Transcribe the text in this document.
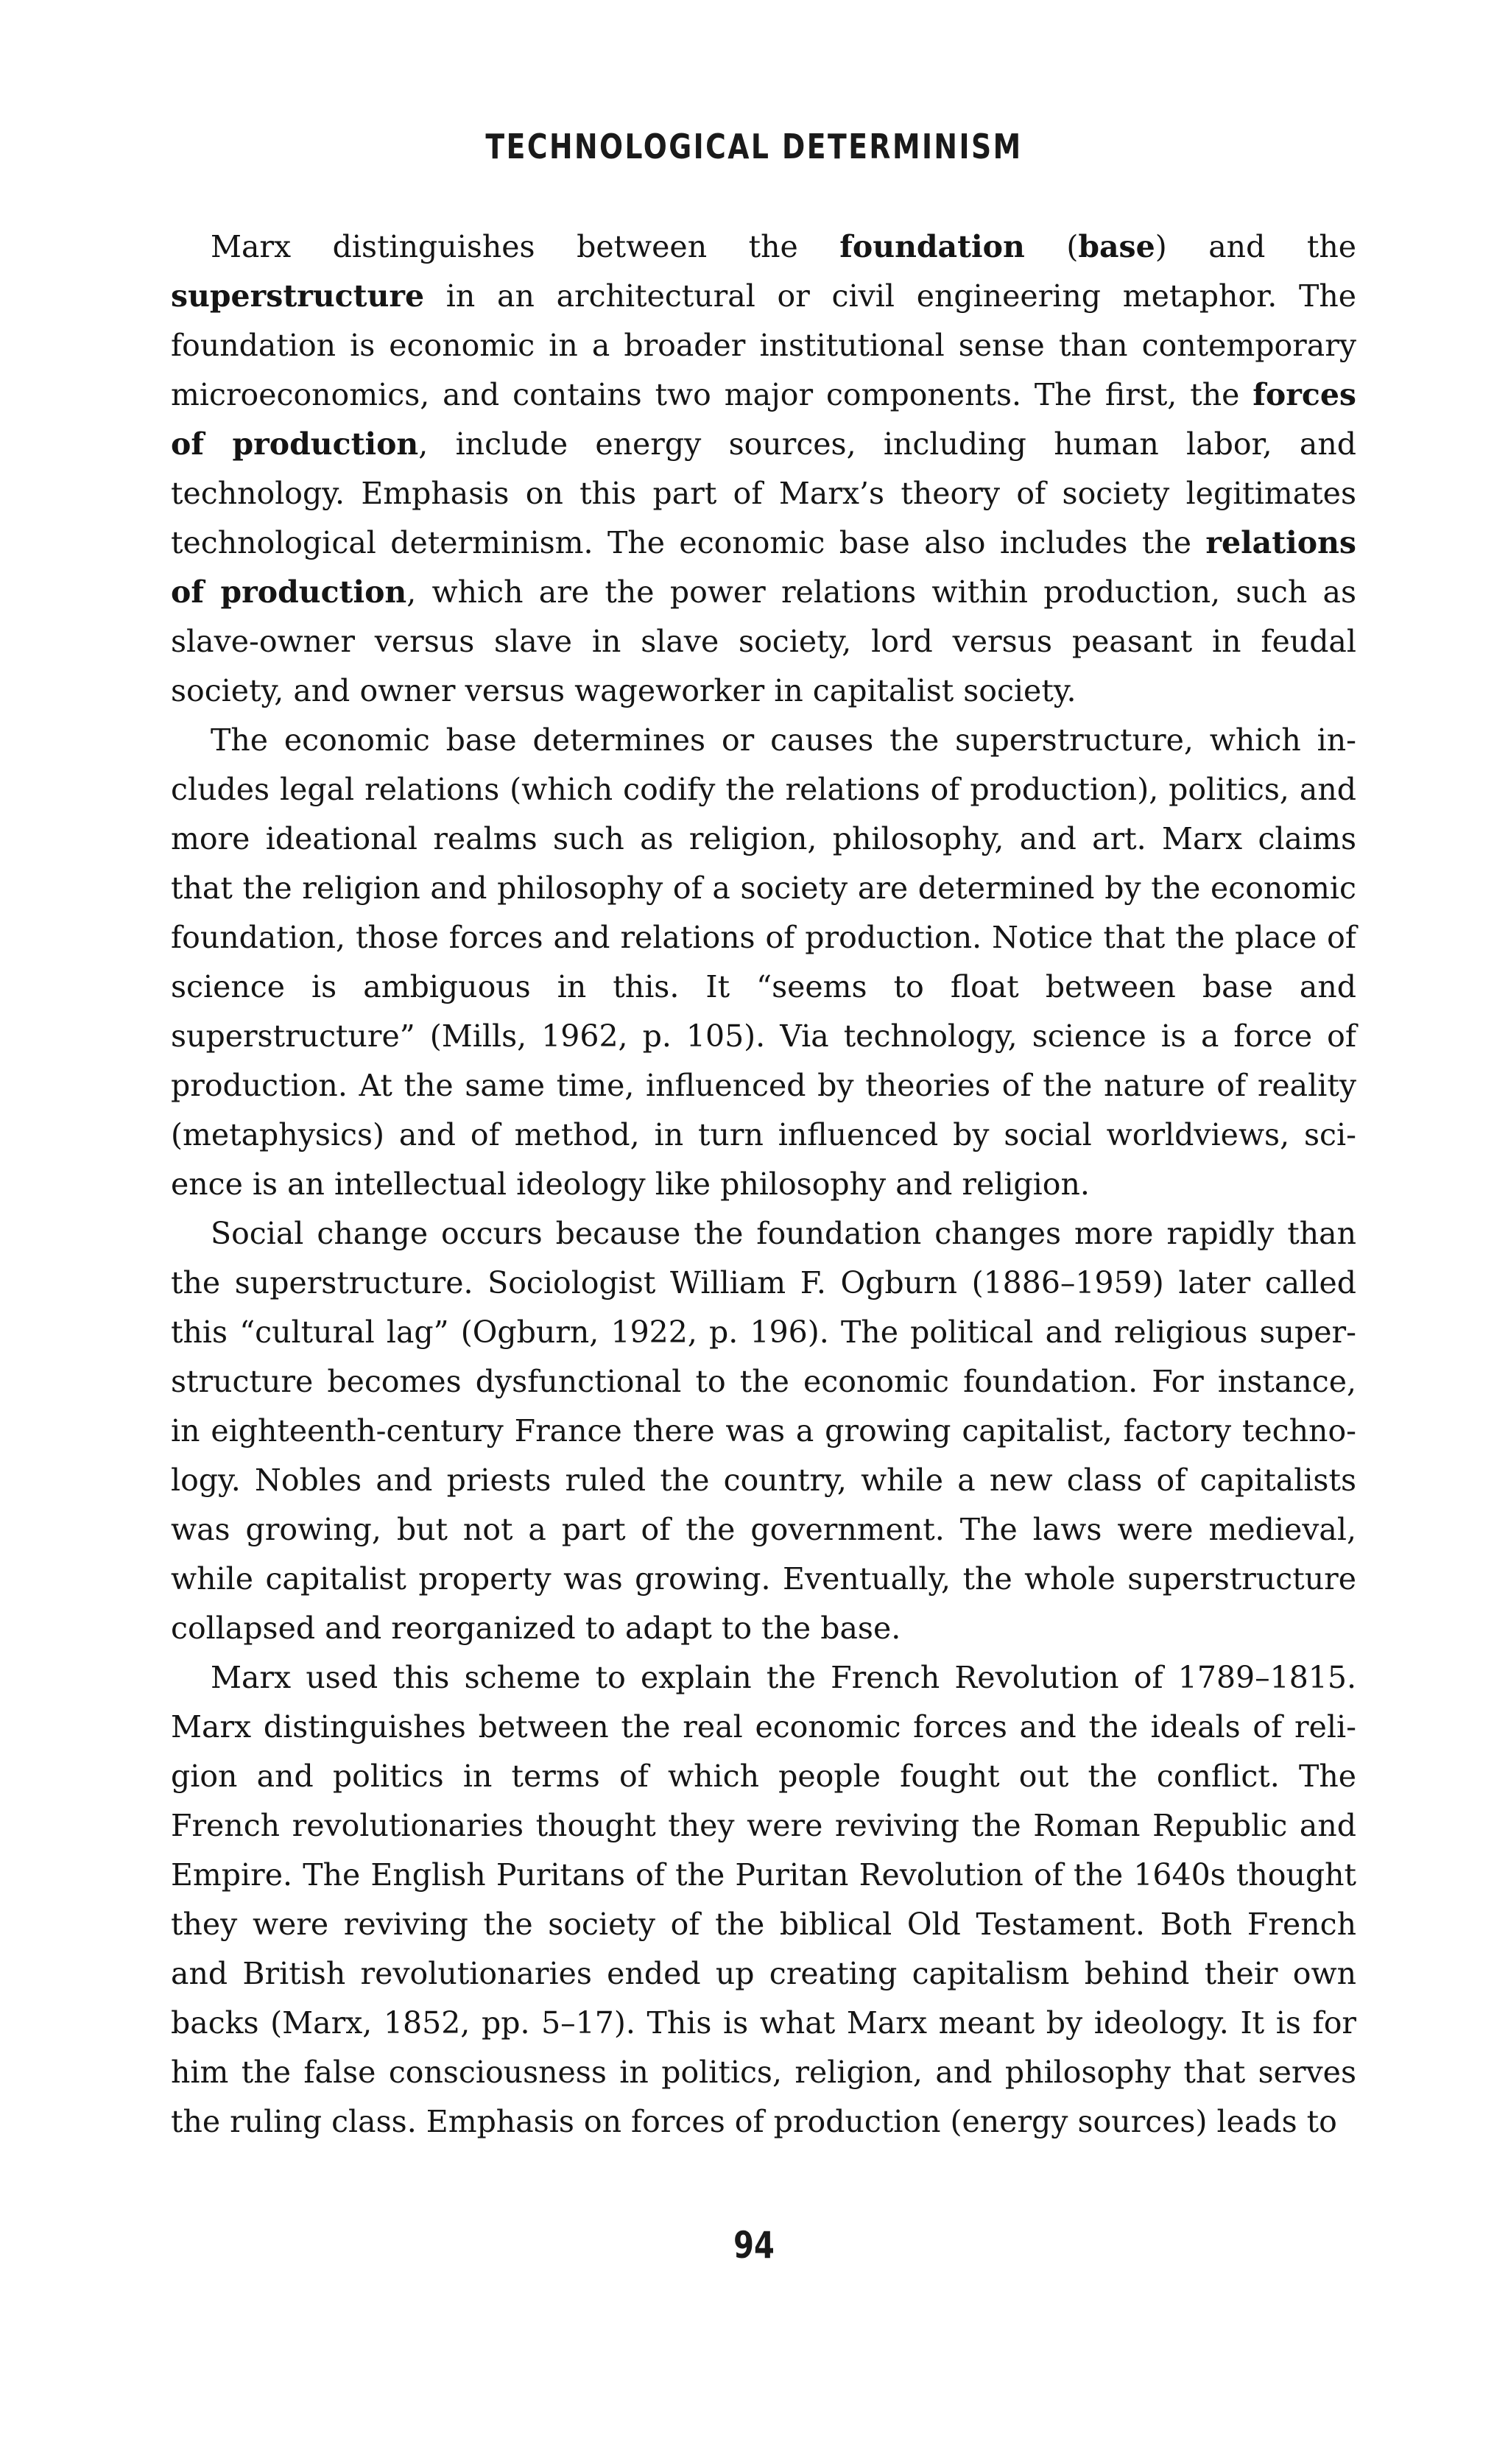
TECHNOLOGICAL DETERMINISM

Marx distinguishes between the foundation (base) and the superstructure in an architectural or civil engineering metaphor. The foundation is economic in a broader institutional sense than contemporary microeconomics, and contains two major components. The first, the forces of production, include energy sources, including human labor, and technology. Emphasis on this part of Marx’s theory of society legitimates technological determinism. The economic base also includes the relations of production, which are the power relations within production, such as slave-owner versus slave in slave society, lord versus peasant in feudal society, and owner versus wageworker in capitalist society.

The economic base determines or causes the superstructure, which includes legal relations (which codify the relations of production), politics, and more ideational realms such as religion, philosophy, and art. Marx claims that the religion and philosophy of a society are determined by the economic foundation, those forces and relations of production. Notice that the place of science is ambiguous in this. It “seems to float between base and superstructure” (Mills, 1962, p. 105). Via technology, science is a force of production. At the same time, influenced by theories of the nature of reality (metaphysics) and of method, in turn influenced by social worldviews, science is an intellectual ideology like philosophy and religion.

Social change occurs because the foundation changes more rapidly than the superstructure. Sociologist William F. Ogburn (1886–1959) later called this “cultural lag” (Ogburn, 1922, p. 196). The political and religious superstructure becomes dysfunctional to the economic foundation. For instance, in eighteenth-century France there was a growing capitalist, factory technology. Nobles and priests ruled the country, while a new class of capitalists was growing, but not a part of the government. The laws were medieval, while capitalist property was growing. Eventually, the whole superstructure collapsed and reorganized to adapt to the base.

Marx used this scheme to explain the French Revolution of 1789–1815. Marx distinguishes between the real economic forces and the ideals of religion and politics in terms of which people fought out the conflict. The French revolutionaries thought they were reviving the Roman Republic and Empire. The English Puritans of the Puritan Revolution of the 1640s thought they were reviving the society of the biblical Old Testament. Both French and British revolutionaries ended up creating capitalism behind their own backs (Marx, 1852, pp. 5–17). This is what Marx meant by ideology. It is for him the false consciousness in politics, religion, and philosophy that serves the ruling class. Emphasis on forces of production (energy sources) leads to

94
